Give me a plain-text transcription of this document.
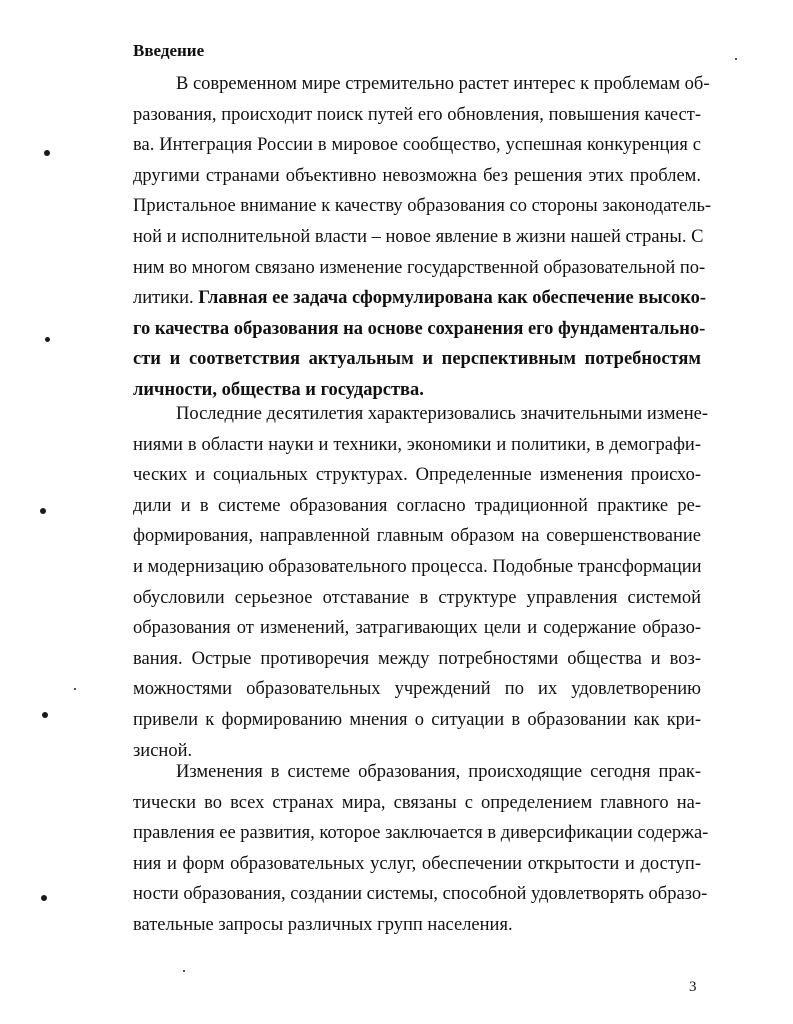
Введение
В современном мире стремительно растет интерес к проблемам об-
разования, происходит поиск путей его обновления, повышения качест-
ва. Интеграция России в мировое сообщество, успешная конкуренция с
другими странами объективно невозможна без решения этих проблем.
Пристальное внимание к качеству образования со стороны законодатель-
ной и исполнительной власти – новое явление в жизни нашей страны. С
ним во многом связано изменение государственной образовательной по-
литики. Главная ее задача сформулирована как обеспечение высоко-
го качества образования на основе сохранения его фундаментально-
сти и соответствия актуальным и перспективным потребностям
личности, общества и государства.
Последние десятилетия характеризовались значительными измене-
ниями в области науки и техники, экономики и политики, в демографи-
ческих и социальных структурах. Определенные изменения происхо-
дили и в системе образования согласно традиционной практике ре-
формирования, направленной главным образом на совершенствование
и модернизацию образовательного процесса. Подобные трансформации
обусловили серьезное отставание в структуре управления системой
образования от изменений, затрагивающих цели и содержание образо-
вания. Острые противоречия между потребностями общества и воз-
можностями образовательных учреждений по их удовлетворению
привели к формированию мнения о ситуации в образовании как кри-
зисной.
Изменения в системе образования, происходящие сегодня прак-
тически во всех странах мира, связаны с определением главного на-
правления ее развития, которое заключается в диверсификации содержа-
ния и форм образовательных услуг, обеспечении открытости и доступ-
ности образования, создании системы, способной удовлетворять образо-
вательные запросы различных групп населения.
3
